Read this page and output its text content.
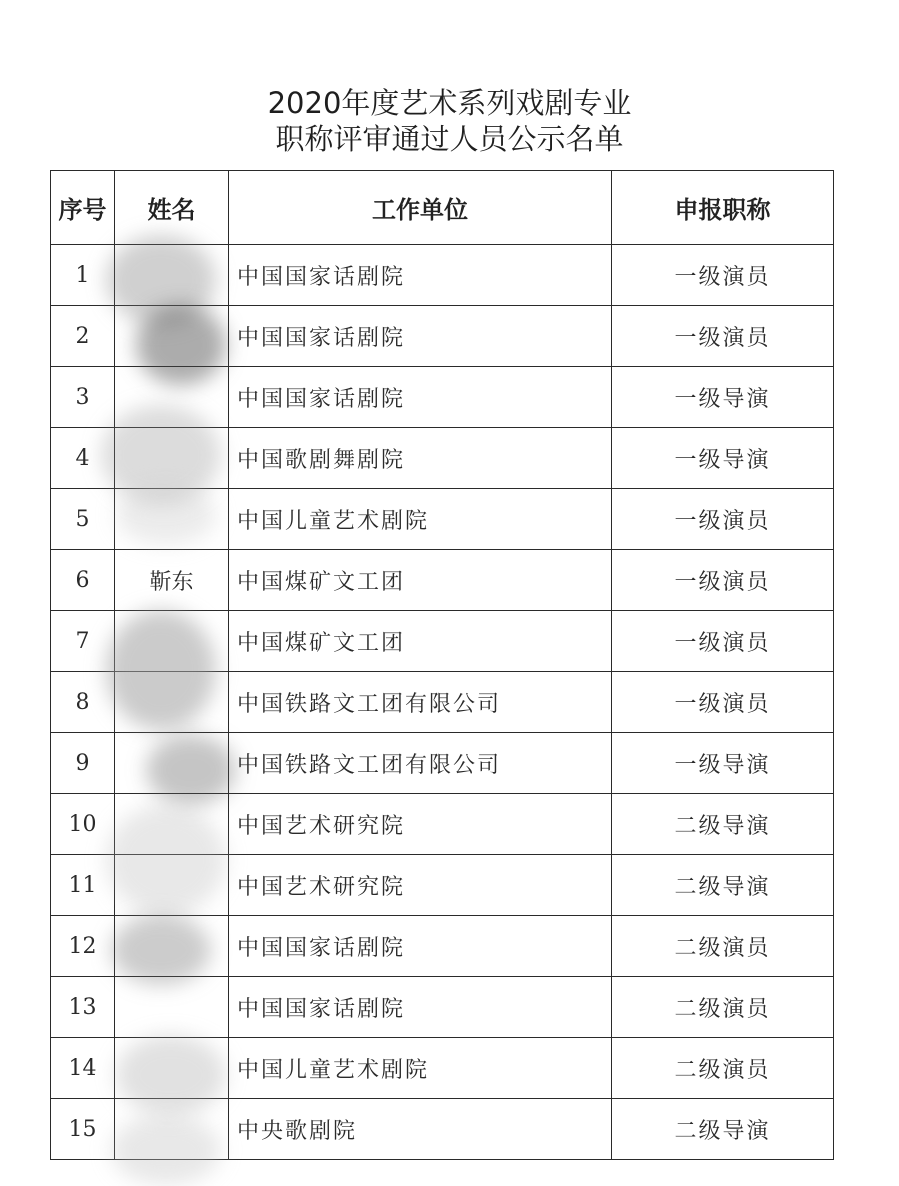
2020年度艺术系列戏剧专业
职称评审通过人员公示名单
序号	姓名	工作单位	申报职称
1		中国国家话剧院	一级演员
2		中国国家话剧院	一级演员
3		中国国家话剧院	一级导演
4		中国歌剧舞剧院	一级导演
5		中国儿童艺术剧院	一级演员
6	靳东	中国煤矿文工团	一级演员
7		中国煤矿文工团	一级演员
8		中国铁路文工团有限公司	一级演员
9		中国铁路文工团有限公司	一级导演
10		中国艺术研究院	二级导演
11		中国艺术研究院	二级导演
12		中国国家话剧院	二级演员
13		中国国家话剧院	二级演员
14		中国儿童艺术剧院	二级演员
15		中央歌剧院	二级导演
